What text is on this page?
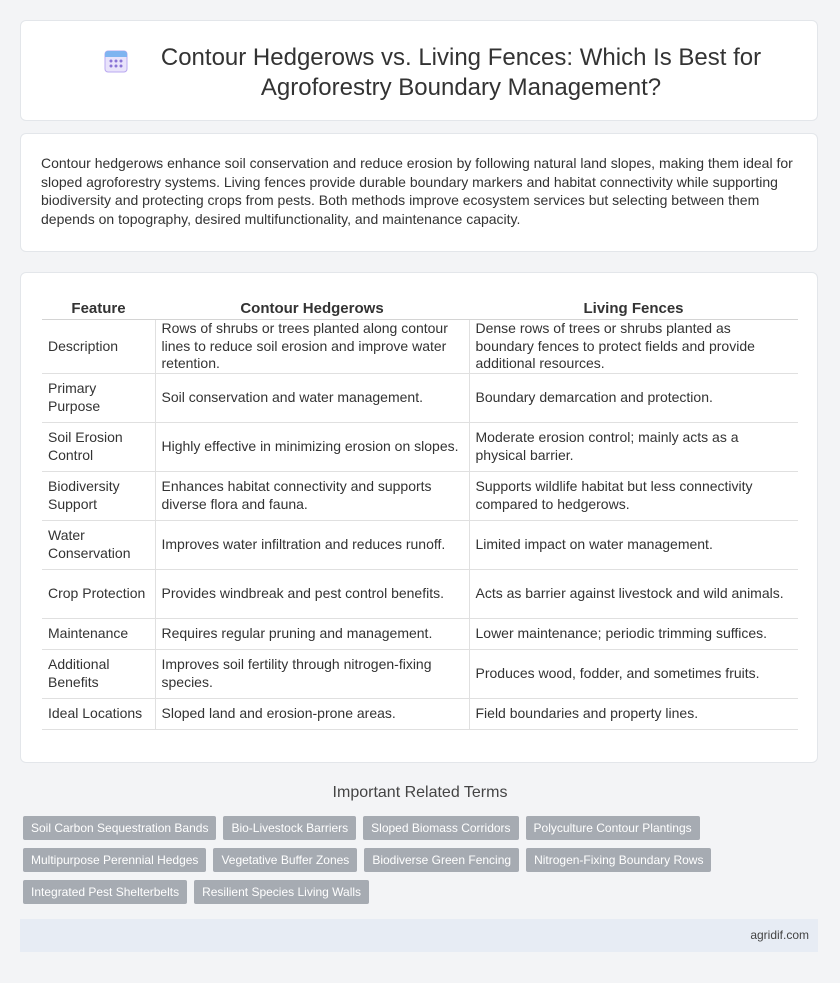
Contour Hedgerows vs. Living Fences: Which Is Best for Agroforestry Boundary Management?

Contour hedgerows enhance soil conservation and reduce erosion by following natural land slopes, making them ideal for sloped agroforestry systems. Living fences provide durable boundary markers and habitat connectivity while supporting biodiversity and protecting crops from pests. Both methods improve ecosystem services but selecting between them depends on topography, desired multifunctionality, and maintenance capacity.

Feature	Contour Hedgerows	Living Fences
Description	Rows of shrubs or trees planted along contour lines to reduce soil erosion and improve water retention.	Dense rows of trees or shrubs planted as boundary fences to protect fields and provide additional resources.
Primary Purpose	Soil conservation and water management.	Boundary demarcation and protection.
Soil Erosion Control	Highly effective in minimizing erosion on slopes.	Moderate erosion control; mainly acts as a physical barrier.
Biodiversity Support	Enhances habitat connectivity and supports diverse flora and fauna.	Supports wildlife habitat but less connectivity compared to hedgerows.
Water Conservation	Improves water infiltration and reduces runoff.	Limited impact on water management.
Crop Protection	Provides windbreak and pest control benefits.	Acts as barrier against livestock and wild animals.
Maintenance	Requires regular pruning and management.	Lower maintenance; periodic trimming suffices.
Additional Benefits	Improves soil fertility through nitrogen-fixing species.	Produces wood, fodder, and sometimes fruits.
Ideal Locations	Sloped land and erosion-prone areas.	Field boundaries and property lines.
Important Related Terms
Soil Carbon Sequestration Bands	Bio-Livestock Barriers	Sloped Biomass Corridors	Polyculture Contour Plantings
Multipurpose Perennial Hedges	Vegetative Buffer Zones	Biodiverse Green Fencing	Nitrogen-Fixing Boundary Rows
Integrated Pest Shelterbelts	Resilient Species Living Walls
agridif.com
